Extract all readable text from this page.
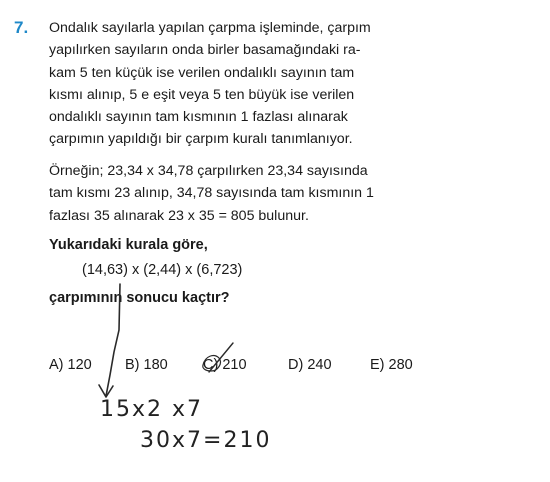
7. Ondalık sayılarla yapılan çarpma işleminde, çarpım
yapılırken sayıların onda birler basamağındaki ra-
kam 5 ten küçük ise verilen ondalıklı sayının tam
kısmı alınıp, 5 e eşit veya 5 ten büyük ise verilen
ondalıklı sayının tam kısmının 1 fazlası alınarak
çarpımın yapıldığı bir çarpım kuralı tanımlanıyor.
Örneğin; 23,34 x 34,78 çarpılırken 23,34 sayısında
tam kısmı 23 alınıp, 34,78 sayısında tam kısmının 1
fazlası 35 alınarak 23 x 35 = 805 bulunur.
Yukarıdaki kurala göre,
(14,63) x (2,44) x (6,723)
çarpımının sonucu kaçtır?
A) 120 B) 180 C) 210	D) 240	E) 280
15x2 x7
30x7=210
